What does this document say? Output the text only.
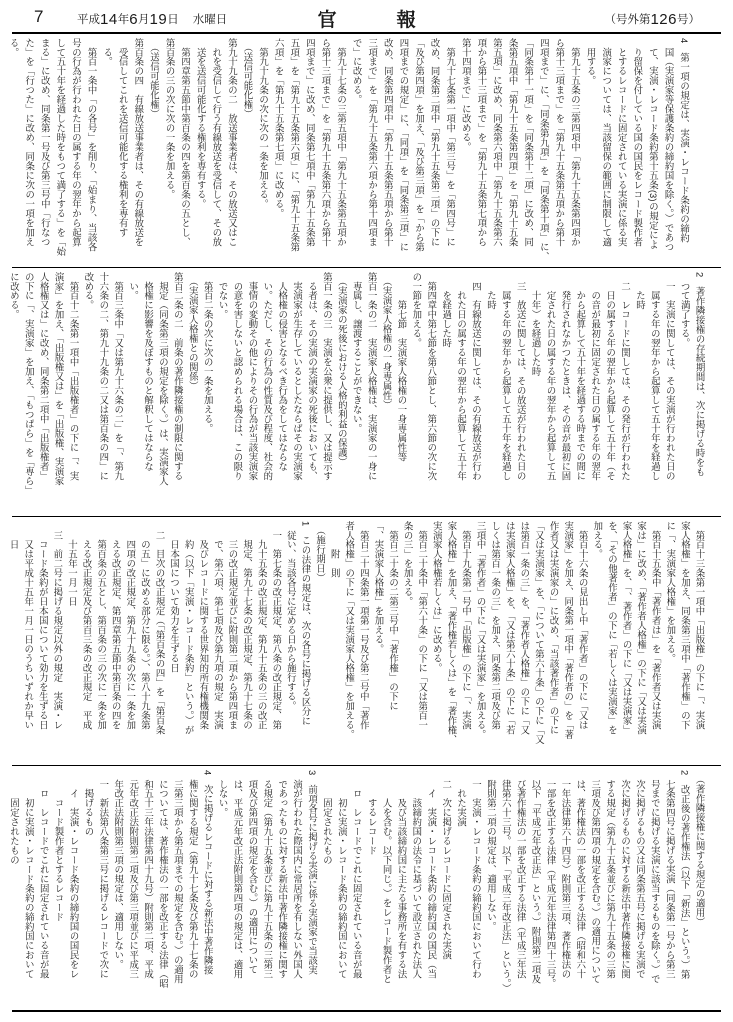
7	平成14年6月19日 水曜日	官	報	（号外第126号）
4　第一項の規定は、実演・レコード条約の締約
　国（実演家等保護条約の締約国を除く。）であつ
　て、実演・レコード条約第十五条(3)の規定によ
　り留保を付している国の国民をレコード製作者
　とするレコードに固定されている実演に係る実
　演家については、当該留保の範囲に制限して適
　用する。
　第九十五条の三第四項中「第九十五条第四項か
ら第十三項まで」を「第九十五条第五項から第十
四項まで」に、「同条第九項」を「同条第十項」に、
「同条第十一項」を「同条第十二項」に改め、同
条第五項中「第九十五条第四項」を「第九十五条
第五項」に改め、同条第六項中「第九十五条第六
項から第十三項まで」を「第九十五条第七項から
第十四項まで」に改める。
　第九十七条第一項中「第三号」を「第四号」に
改め、同条第二項中「第九十五条第二項」の下に
「及び第四項」を加え、「及び第三項」を「から第
四項までの規定」に、「同項」を「同条第三項」に
改め、同条第四項中「第九十五条第五項から第十
三項まで」を「第九十五条第六項から第十四項ま
で」に改める。
　第九十七条の三第五項中「第九十五条第五項か
ら第十三項まで」を「第九十五条第六項から第十
四項まで」に改め、同条第七項中「第九十五条第
五項」を「第九十五条第六項」に、「第九十五条第
六項」を「第九十五条第七項」に改める。
　第九十九条の次に次の一条を加える。
　（送信可能化権）
第九十九条の二　放送事業者は、その放送又はこ
　れを受信して行う有線放送を受信して、その放
　送を送信可能化する権利を専有する。
　第四章第五節中第百条の四を第百条の五とし、
第百条の三の次に次の一条を加える。
　（送信可能化権）
第百条の四　有線放送事業者は、その有線放送を
　受信してこれを送信可能化する権利を専有す
　る。
　第百一条中「の各号」を削り、「始まり、当該各
号の行為が行われた日の属する年の翌年から起算
して五十年を経過した時をもつて満了する」を「始
まる」に改め、同条第一号及び第三号中「行なつ
た」を「行つた」に改め、同条に次の一項を加え
る。
2　著作隣接権の存続期間は、次に掲げる時をも
　つて満了する。
　一　実演に関しては、その実演が行われた日の
　　属する年の翌年から起算して五十年を経過し
　　た時
　二　レコードに関しては、その発行が行われた
　　日の属する年の翌年から起算して五十年（そ
　　の音が最初に固定された日の属する年の翌年
　　から起算して五十年を経過する時までの間に
　　発行されなかつたときは、その音が最初に固
　　定された日の属する年の翌年から起算して五
　　十年）を経過した時
　三　放送に関しては、その放送が行われた日の
　　属する年の翌年から起算して五十年を経過し
　　た時
　四　有線放送に関しては、その有線放送が行わ
　　れた日の属する年の翌年から起算して五十年
　　を経過した時
　第四章中第七節を第八節とし、第六節の次に次
の一節を加える。
　　　第七節　実演家人格権の一身専属性等
　（実演家人格権の一身専属性）
第百一条の二　実演家人格権は、実演家の一身に
　専属し、譲渡することができない。
　（実演家の死後における人格的利益の保護）
第百一条の三　実演を公衆に提供し、又は提示す
　る者は、その実演の実演家の死後においても、
　実演家が生存しているとしたならばその実演家
　人格権の侵害となるべき行為をしてはならな
　い。ただし、その行為の性質及び程度、社会的
　事情の変動その他によりその行為が当該実演家
　の意を害しないと認められる場合は、この限り
　でない。
　第百二条の次に次の一条を加える。
　（実演家人格権との関係）
第百二条の二　前条の著作隣接権の制限に関する
　規定（同条第三項の規定を除く。）は、実演家人
　格権に影響を及ぼすものと解釈してはならな
　い。
　第百三条中「又は第九十六条の二」を「、第九
十六条の二、第九十九条の二又は第百条の四」に
改める。
　第百十二条第一項中「出版権者」の下に「、実
演家」を加え、「出版権又は」を「出版権、実演家
人格権又は」に改め、同条第二項中「出版権者」
の下に「、実演家」を加え、「もつぱら」を「専ら」
に改める。
　第百十三条第一項中「出版権」の下に「、実演
家人格権」を加え、同条第三項中「著作権」の下
に「、実演家人格権」を加える。
　第百十五条中「著作者は」を「著作者又は実演
家は」に改め、「著作者人格権」の下に「又は実演
家人格権」を、「、著作者」の下に「又は実演家」
を、「その他著作者」の下に「若しくは実演家」を
加える。
　第百十六条の見出し中「著作者」の下に「又は
実演家」を加え、同条第一項中「著作者の」を「著
作者又は実演家の」に改め、「当該著作者」の下に
「又は実演家」を、「について第六十条」の下に「又
は第百一条の三」を、「著作者人格権」の下に「又
は実演家人格権」を、「又は第六十条」の下に「若
しくは第百一条の三」を加え、同条第二項及び第
三項中「著作者」の下に「又は実演家」を加える。
　第百十九条第一号中「出版権」の下に「、実演
家人格権」を加え、「著作権若しくは」を「著作権、
実演家人格権若しくは」に改める。
　第百二十条中「第六十条」の下に「又は第百一
条の三」を加える。
　第百二十条の二第三号中「著作権」の下に
「、実演家人格権」を加える。
　第百二十四条第一項第一号及び第二号中「著作
者人格権」の下に「又は実演家人格権」を加える。
　　　附　則
　（施行期日）
1　この法律の規定は、次の各号に掲げる区分に
　従い、当該各号に定める日から施行する。
　一　第七条の改正規定、第八条の改正規定、第
　　九十五条の改正規定、第九十五条の三の改正
　　規定、第九十七条の改正規定、第九十七条の
　　三の改正規定並びに附則第二項から第四項ま
　　で、第六項、第七項及び第九項の規定　実演
　　及びレコードに関する世界知的所有権機関条
　　約（以下「実演・レコード条約」という。）が
　　日本国について効力を生ずる日
　二　目次の改正規定（「第百条の四」を「第百条
　　の五」に改める部分に限る。）、第八十九条第
　　四項の改正規定、第九十九条の次に一条を加
　　える改正規定、第四章第五節中第百条の四を
　　第百条の五とし、第百条の三の次に一条を加
　　える改正規定及び第百三条の改正規定　平成
　　十五年一月一日
　三　前二号に掲げる規定以外の規定　実演・レ
　　コード条約が日本国について効力を生ずる日
　　又は平成十五年一月一日のうちいずれか早い
　　日
　（著作隣接権に関する規定の適用）
2　改正後の著作権法（以下「新法」という。）第
　七条第四号に掲げる実演（同条第一号から第三
　号までに掲げる実演に該当するものを除く。）で
　次に掲げるもの又は同条第五号に掲げる実演で
　次に掲げるものに対する新法中著作隣接権に関
　する規定（第九十五条並びに第九十五条の三第
　三項及び第四項の規定を含む。）の適用について
　は、著作権法の一部を改正する法律（昭和六十
　一年法律第六十四号）附則第三項、著作権法の
　一部を改正する法律（平成元年法律第四十三号。
　以下「平成元年改正法」という。）附則第二項及
　び著作権法の一部を改正する法律（平成三年法
　律第六十三号。以下「平成三年改正法」という。）
　附則第二項の規定は、適用しない。
　一　実演・レコード条約の締約国において行わ
　　れた実演
　二　次に掲げるレコードに固定された実演
　　イ　実演・レコード条約の締約国の国民（当
　　　該締約国の法令に基づいて設立された法人
　　　及び当該締約国に主たる事務所を有する法
　　　人を含む。以下同じ。）をレコード製作者と
　　　するレコード
　　ロ　レコードでこれに固定されている音が最
　　　初に実演・レコード条約の締約国において
　　　固定されたもの
3　前項各号に掲げる実演に係る実演家で当該実
　演が行われた際国内に常居所を有しない外国人
　であったものに対する新法中著作隣接権に関す
　る規定（第九十五条並びに第九十五条の三第三
　項及び第四項の規定を含む。）の適用について
　は、平成元年改正法附則第四項の規定は、適用
　しない。
4　次に掲げるレコードに対する新法中著作隣接
　権に関する規定（第九十七条及び第九十七条の
　三第三項から第五項までの規定を含む。）の適用
　については、著作権法の一部を改正する法律（昭
　和五十三年法律第四十九号）附則第二項、平成
　元年改正法附則第二項及び第三項並びに平成三
　年改正法附則第三項の規定は、適用しない。
　一　新法第八条第三号に掲げるレコードで次に
　　掲げるもの
　　イ　実演・レコード条約の締約国の国民をレ
　　　コード製作者とするレコード
　　ロ　レコードでこれに固定されている音が最
　　　初に実演・レコード条約の締約国において
　　　固定されたもの
